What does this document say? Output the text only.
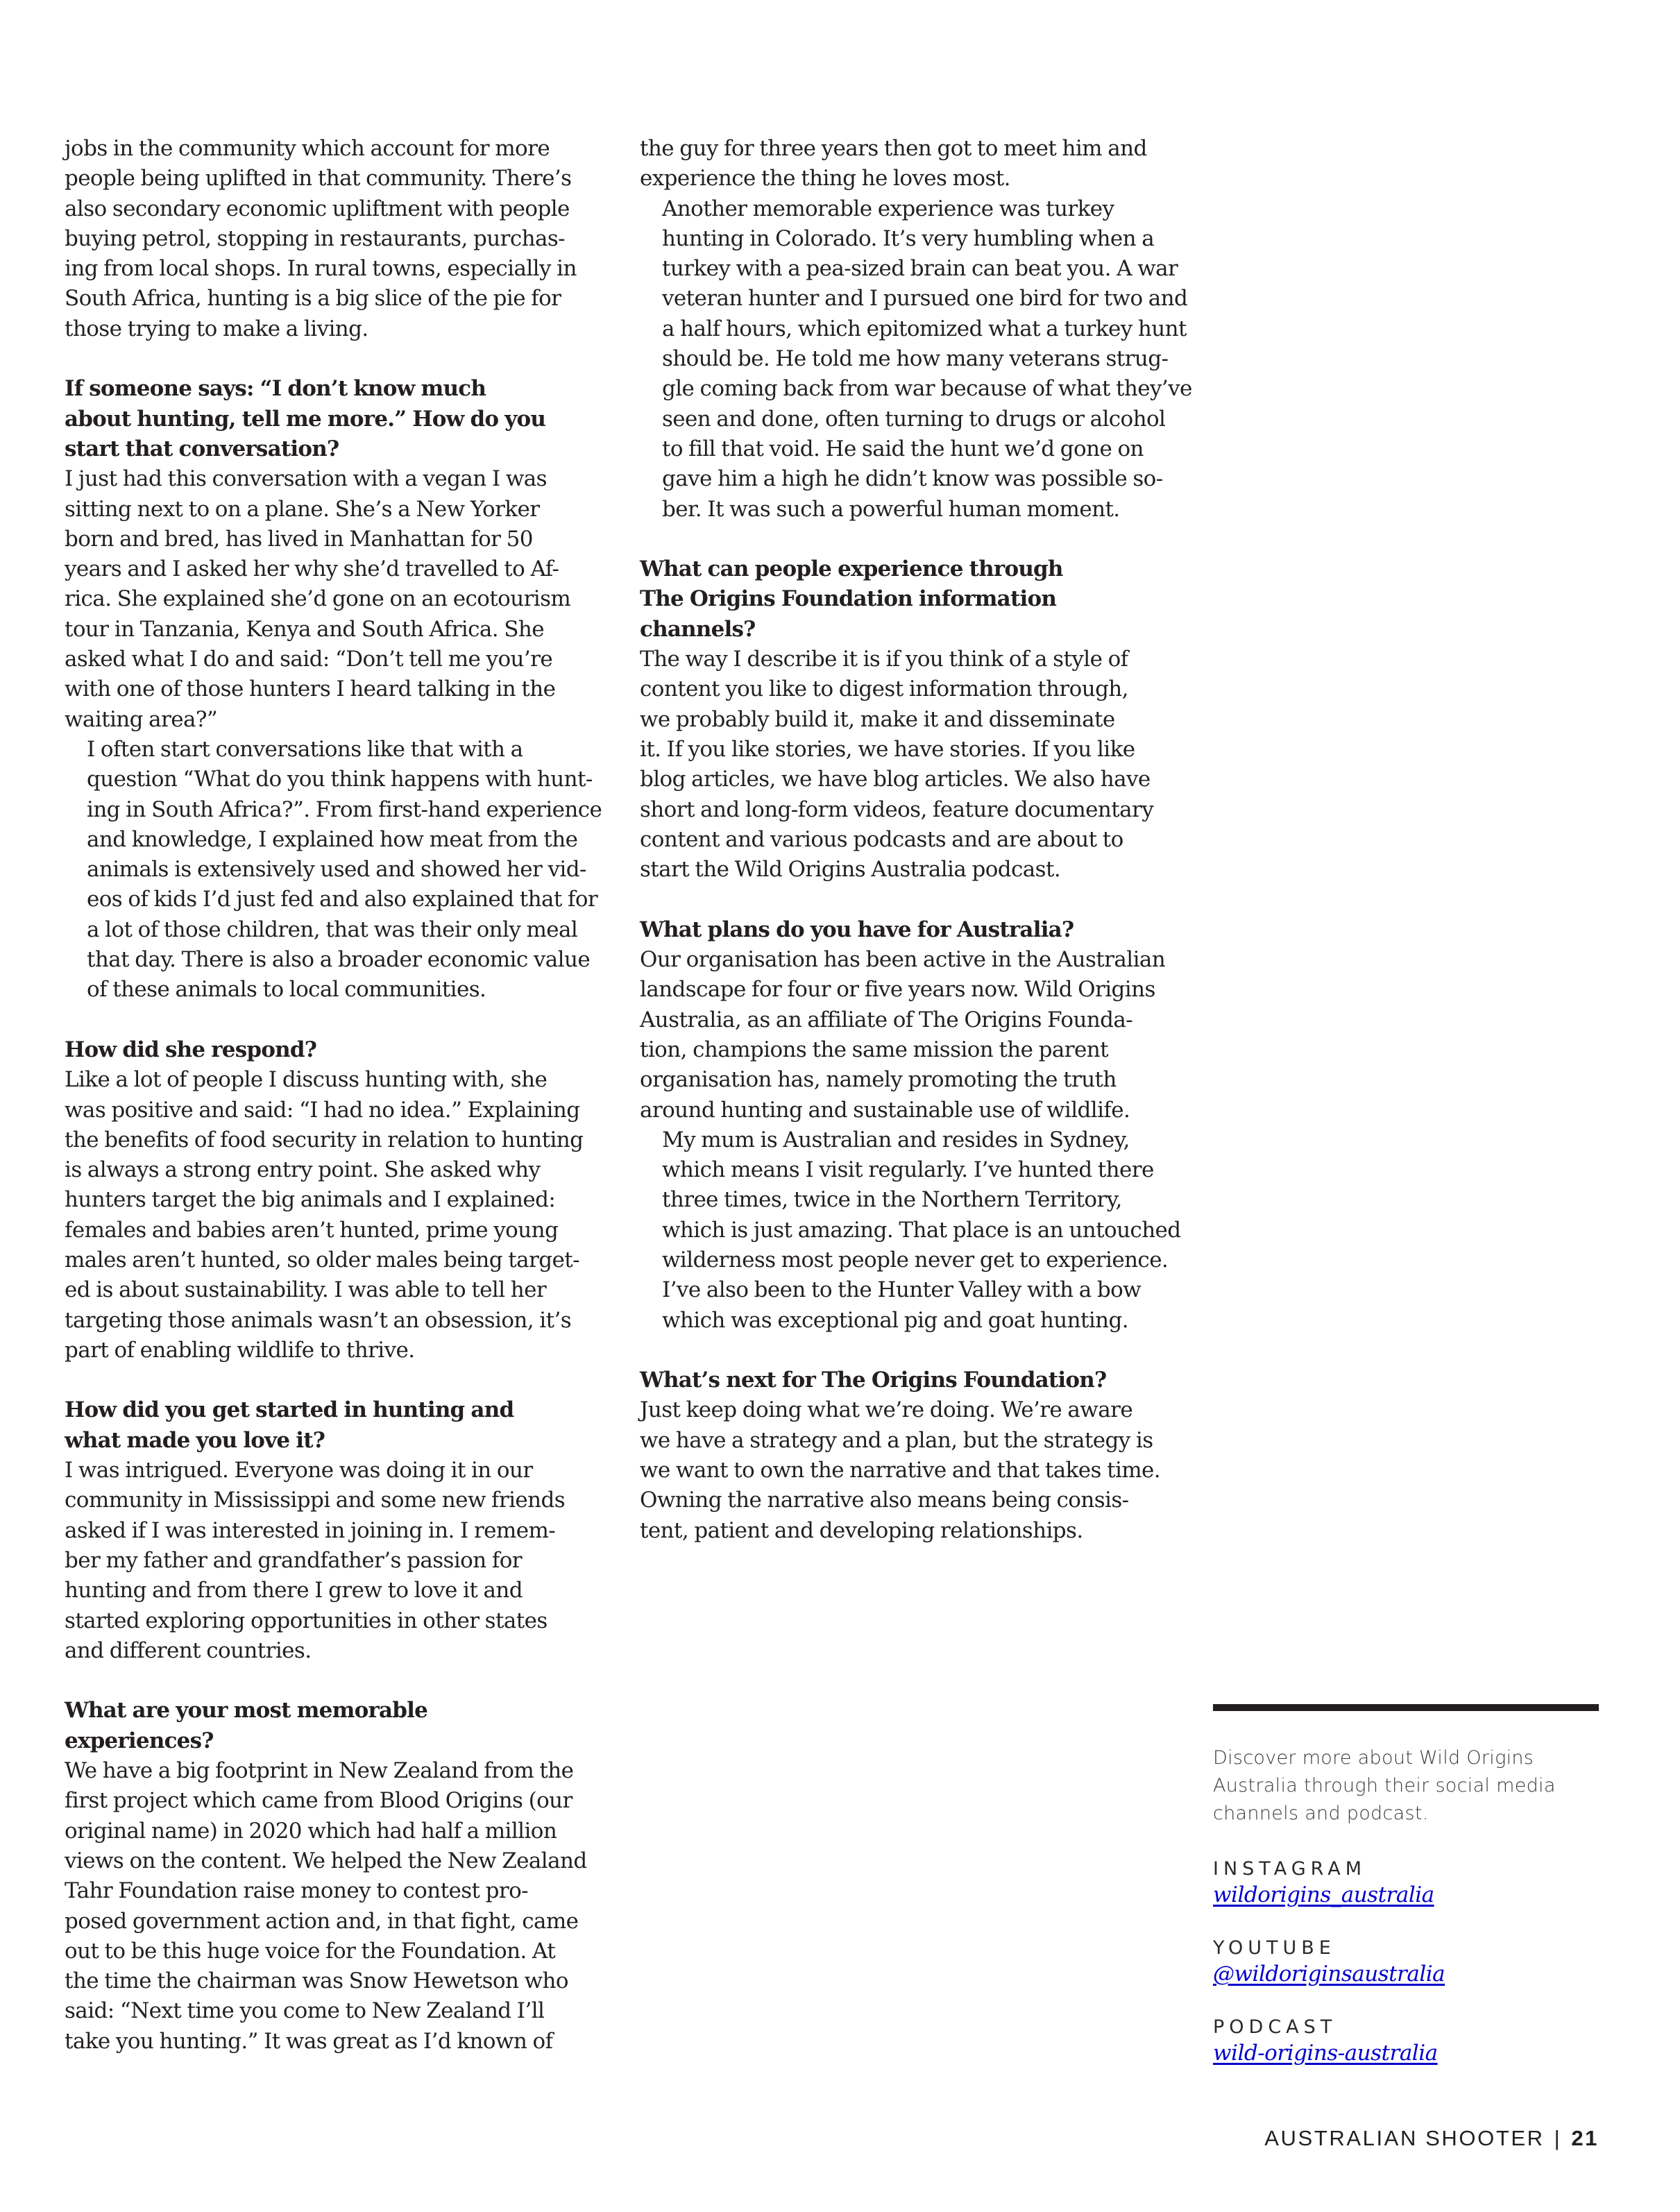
jobs in the community which account for more
people being uplifted in that community. There’s
also secondary economic upliftment with people
buying petrol, stopping in restaurants, purchas-
ing from local shops. In rural towns, especially in
South Africa, hunting is a big slice of the pie for
those trying to make a living.
If someone says: “I don’t know much
about hunting, tell me more.” How do you
start that conversation?
I just had this conversation with a vegan I was
sitting next to on a plane. She’s a New Yorker
born and bred, has lived in Manhattan for 50
years and I asked her why she’d travelled to Af-
rica. She explained she’d gone on an ecotourism
tour in Tanzania, Kenya and South Africa. She
asked what I do and said: “Don’t tell me you’re
with one of those hunters I heard talking in the
waiting area?”
I often start conversations like that with a
question “What do you think happens with hunt-
ing in South Africa?”. From first-hand experience
and knowledge, I explained how meat from the
animals is extensively used and showed her vid-
eos of kids I’d just fed and also explained that for
a lot of those children, that was their only meal
that day. There is also a broader economic value
of these animals to local communities.
How did she respond?
Like a lot of people I discuss hunting with, she
was positive and said: “I had no idea.” Explaining
the benefits of food security in relation to hunting
is always a strong entry point. She asked why
hunters target the big animals and I explained:
females and babies aren’t hunted, prime young
males aren’t hunted, so older males being target-
ed is about sustainability. I was able to tell her
targeting those animals wasn’t an obsession, it’s
part of enabling wildlife to thrive.
How did you get started in hunting and
what made you love it?
I was intrigued. Everyone was doing it in our
community in Mississippi and some new friends
asked if I was interested in joining in. I remem-
ber my father and grandfather’s passion for
hunting and from there I grew to love it and
started exploring opportunities in other states
and different countries.
What are your most memorable
experiences?
We have a big footprint in New Zealand from the
first project which came from Blood Origins (our
original name) in 2020 which had half a million
views on the content. We helped the New Zealand
Tahr Foundation raise money to contest pro-
posed government action and, in that fight, came
out to be this huge voice for the Foundation. At
the time the chairman was Snow Hewetson who
said: “Next time you come to New Zealand I’ll
take you hunting.” It was great as I’d known of
the guy for three years then got to meet him and
experience the thing he loves most.
Another memorable experience was turkey
hunting in Colorado. It’s very humbling when a
turkey with a pea-sized brain can beat you. A war
veteran hunter and I pursued one bird for two and
a half hours, which epitomized what a turkey hunt
should be. He told me how many veterans strug-
gle coming back from war because of what they’ve
seen and done, often turning to drugs or alcohol
to fill that void. He said the hunt we’d gone on
gave him a high he didn’t know was possible so-
ber. It was such a powerful human moment.
What can people experience through
The Origins Foundation information
channels?
The way I describe it is if you think of a style of
content you like to digest information through,
we probably build it, make it and disseminate
it. If you like stories, we have stories. If you like
blog articles, we have blog articles. We also have
short and long-form videos, feature documentary
content and various podcasts and are about to
start the Wild Origins Australia podcast.
What plans do you have for Australia?
Our organisation has been active in the Australian
landscape for four or five years now. Wild Origins
Australia, as an affiliate of The Origins Founda-
tion, champions the same mission the parent
organisation has, namely promoting the truth
around hunting and sustainable use of wildlife.
My mum is Australian and resides in Sydney,
which means I visit regularly. I’ve hunted there
three times, twice in the Northern Territory,
which is just amazing. That place is an untouched
wilderness most people never get to experience.
I’ve also been to the Hunter Valley with a bow
which was exceptional pig and goat hunting.
What’s next for The Origins Foundation?
Just keep doing what we’re doing. We’re aware
we have a strategy and a plan, but the strategy is
we want to own the narrative and that takes time.
Owning the narrative also means being consis-
tent, patient and developing relationships.
Discover more about Wild Origins Australia through their social media channels and podcast.
INSTAGRAM
wildorigins_australia
YOUTUBE
@wildoriginsaustralia
PODCAST
wild-origins-australia
AUSTRALIAN SHOOTER | 21
